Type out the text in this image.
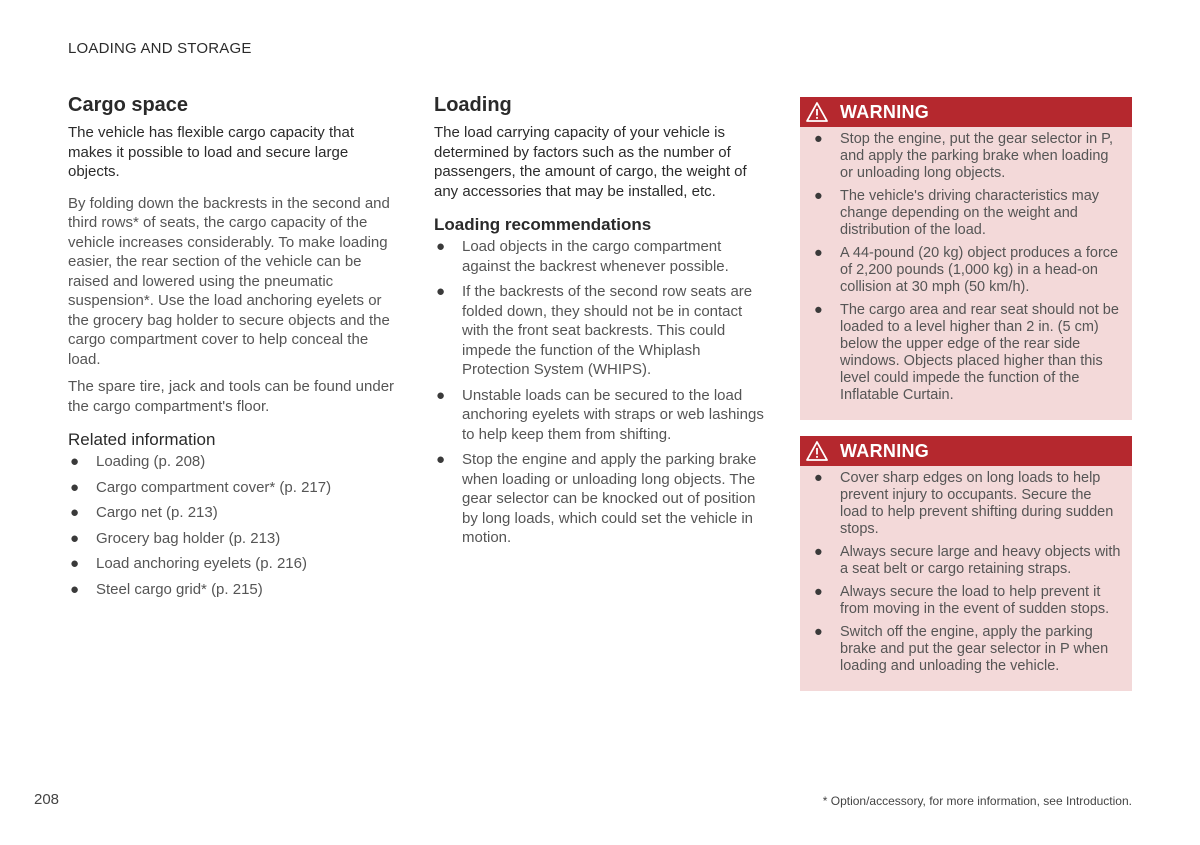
LOADING AND STORAGE
Cargo space

The vehicle has flexible cargo capacity that makes it possible to load and secure large objects.

By folding down the backrests in the second and third rows* of seats, the cargo capacity of the vehicle increases considerably. To make loading easier, the rear section of the vehicle can be raised and lowered using the pneumatic suspension*. Use the load anchoring eyelets or the grocery bag holder to secure objects and the cargo compartment cover to help conceal the load.

The spare tire, jack and tools can be found under the cargo compartment's floor.

Related information
● Loading (p. 208)
● Cargo compartment cover* (p. 217)
● Cargo net (p. 213)
● Grocery bag holder (p. 213)
● Load anchoring eyelets (p. 216)
● Steel cargo grid* (p. 215)
Loading

The load carrying capacity of your vehicle is determined by factors such as the number of passengers, the amount of cargo, the weight of any accessories that may be installed, etc.

Loading recommendations
● Load objects in the cargo compartment against the backrest whenever possible.
● If the backrests of the second row seats are folded down, they should not be in contact with the front seat backrests. This could impede the function of the Whiplash Protection System (WHIPS).
● Unstable loads can be secured to the load anchoring eyelets with straps or web lashings to help keep them from shifting.
● Stop the engine and apply the parking brake when loading or unloading long objects. The gear selector can be knocked out of position by long loads, which could set the vehicle in motion.
WARNING
● Stop the engine, put the gear selector in P, and apply the parking brake when loading or unloading long objects.
● The vehicle's driving characteristics may change depending on the weight and distribution of the load.
● A 44-pound (20 kg) object produces a force of 2,200 pounds (1,000 kg) in a head-on collision at 30 mph (50 km/h).
● The cargo area and rear seat should not be loaded to a level higher than 2 in. (5 cm) below the upper edge of the rear side windows. Objects placed higher than this level could impede the function of the Inflatable Curtain.
WARNING
● Cover sharp edges on long loads to help prevent injury to occupants. Secure the load to help prevent shifting during sudden stops.
● Always secure large and heavy objects with a seat belt or cargo retaining straps.
● Always secure the load to help prevent it from moving in the event of sudden stops.
● Switch off the engine, apply the parking brake and put the gear selector in P when loading and unloading the vehicle.
208	* Option/accessory, for more information, see Introduction.
